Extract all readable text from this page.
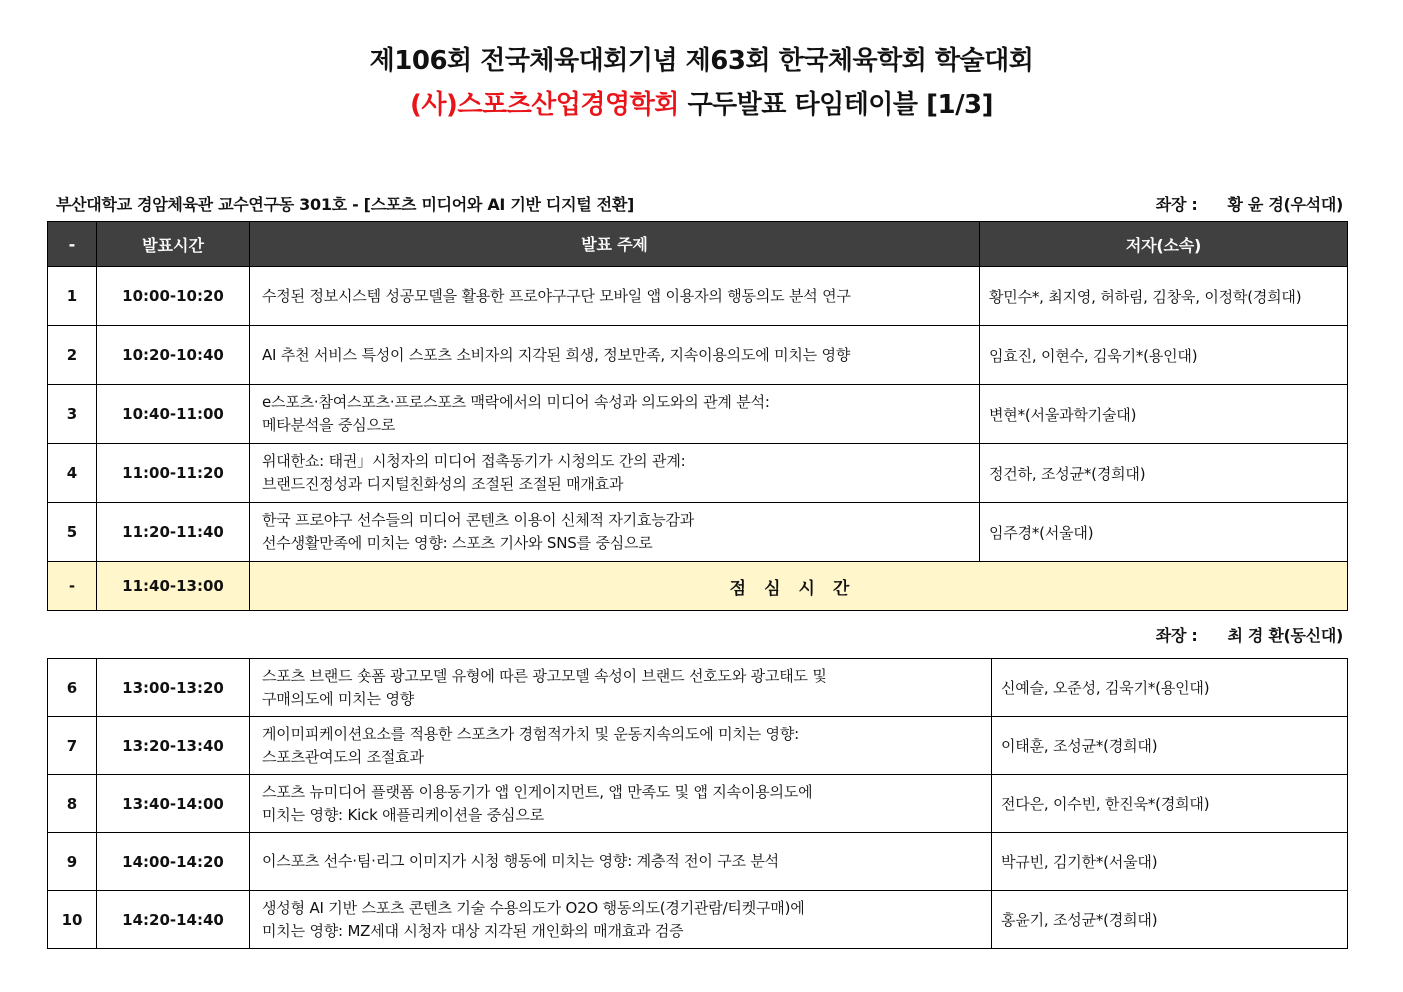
제106회 전국체육대회기념 제63회 한국체육학회 학술대회
(사)스포츠산업경영학회 구두발표 타임테이블 [1/3]
부산대학교 경암체육관 교수연구동 301호 - [스포츠 미디어와 AI 기반 디지털 전환]	좌장 : 황 윤 경(우석대)
-	발표시간	발표 주제	저자(소속)
1	10:00-10:20	수정된 정보시스템 성공모델을 활용한 프로야구구단 모바일 앱 이용자의 행동의도 분석 연구	황민수*, 최지영, 허하림, 김창욱, 이정학(경희대)
2	10:20-10:40	AI 추천 서비스 특성이 스포츠 소비자의 지각된 희생, 정보만족, 지속이용의도에 미치는 영향	임효진, 이현수, 김욱기*(용인대)
3	10:40-11:00	e스포츠·참여스포츠·프로스포츠 맥락에서의 미디어 속성과 의도와의 관계 분석:
메타분석을 중심으로	변현*(서울과학기술대)
4	11:00-11:20	위대한쇼: 태권」시청자의 미디어 접촉동기가 시청의도 간의 관계:
브랜드진정성과 디지털친화성의 조절된 조절된 매개효과	정건하, 조성균*(경희대)
5	11:20-11:40	한국 프로야구 선수들의 미디어 콘텐츠 이용이 신체적 자기효능감과
선수생활만족에 미치는 영향: 스포츠 기사와 SNS를 중심으로	임주경*(서울대)
-	11:40-13:00	점심시간	
좌장 : 최 경 환(동신대)
6	13:00-13:20	스포츠 브랜드 숏폼 광고모델 유형에 따른 광고모델 속성이 브랜드 선호도와 광고태도 및
구매의도에 미치는 영향	신예슬, 오준성, 김욱기*(용인대)
7	13:20-13:40	게이미피케이션요소를 적용한 스포츠가 경험적가치 및 운동지속의도에 미치는 영향:
스포츠관여도의 조절효과	이태훈, 조성균*(경희대)
8	13:40-14:00	스포츠 뉴미디어 플랫폼 이용동기가 앱 인게이지먼트, 앱 만족도 및 앱 지속이용의도에
미치는 영향: Kick 애플리케이션을 중심으로	전다은, 이수빈, 한진욱*(경희대)
9	14:00-14:20	이스포츠 선수·팀·리그 이미지가 시청 행동에 미치는 영향: 계층적 전이 구조 분석	박규빈, 김기한*(서울대)
10	14:20-14:40	생성형 AI 기반 스포츠 콘텐츠 기술 수용의도가 O2O 행동의도(경기관람/티켓구매)에
미치는 영향: MZ세대 시청자 대상 지각된 개인화의 매개효과 검증	홍윤기, 조성균*(경희대)
